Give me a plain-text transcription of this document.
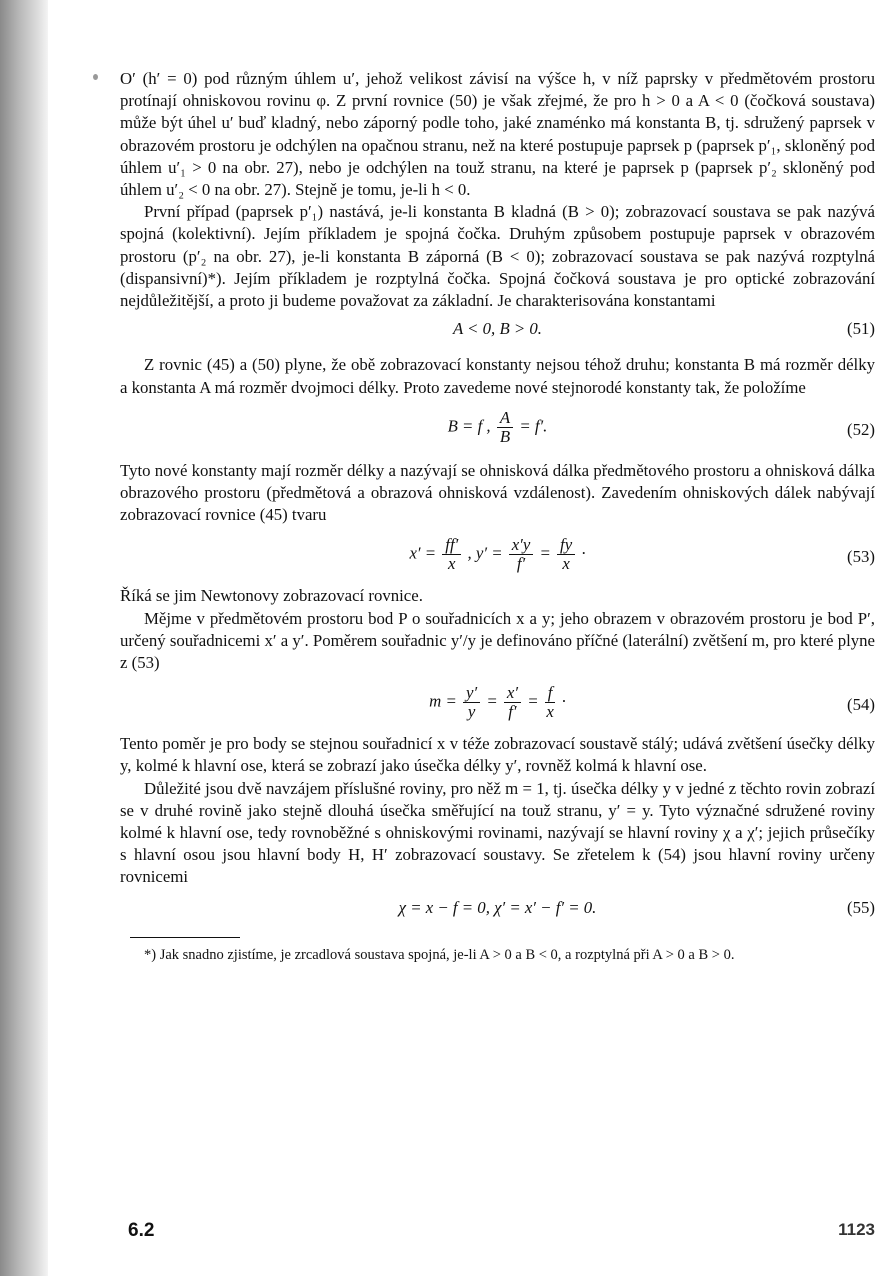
O′ (h′ = 0) pod různým úhlem u′, jehož velikost závisí na výšce h, v níž paprsky v předmětovém prostoru protínají ohniskovou rovinu φ. Z první rovnice (50) je však zřejmé, že pro h > 0 a A < 0 (čočková soustava) může být úhel u′ buď kladný, nebo záporný podle toho, jaké znaménko má konstanta B, tj. sdružený paprsek v obrazovém prostoru je odchýlen na opačnou stranu, než na které postupuje paprsek p (paprsek p′₁, skloněný pod úhlem u′₁ > 0 na obr. 27), nebo je odchýlen na touž stranu, na které je paprsek p (paprsek p′₂ skloněný pod úhlem u′₂ < 0 na obr. 27). Stejně je tomu, je-li h < 0.

První případ (paprsek p′₁) nastává, je-li konstanta B kladná (B > 0); zobrazovací soustava se pak nazývá spojná (kolektivní). Jejím příkladem je spojná čočka. Druhým způsobem postupuje paprsek v obrazovém prostoru (p′₂ na obr. 27), je-li konstanta B záporná (B < 0); zobrazovací soustava se pak nazývá rozptylná (dispansivní)*). Jejím příkladem je rozptylná čočka. Spojná čočková soustava je pro optické zobrazování nejdůležitější, a proto ji budeme považovat za základní. Je charakterisována konstantami

A < 0, B > 0.	(51)

Z rovnic (45) a (50) plyne, že obě zobrazovací konstanty nejsou téhož druhu; konstanta B má rozměr délky a konstanta A má rozměr dvojmoci délky. Proto zavedeme nové stejnorodé konstanty tak, že položíme

B = f , $\frac{A}{B} = f'$.	(52)

Tyto nové konstanty mají rozměr délky a nazývají se ohnisková dálka předmětového prostoru a ohnisková dálka obrazového prostoru (předmětová a obrazová ohnisková vzdálenost). Zavedením ohniskových dálek nabývají zobrazovací rovnice (45) tvaru

$x' = \frac{ff'}{x}$ , $y' = \frac{x'y}{f'} = \frac{fy}{x}$ ·	(53)

Říká se jim Newtonovy zobrazovací rovnice.

Mějme v předmětovém prostoru bod P o souřadnicích x a y; jeho obrazem v obrazovém prostoru je bod P′, určený souřadnicemi x′ a y′. Poměrem souřadnic y′/y je definováno příčné (laterální) zvětšení m, pro které plyne z (53)

$m = \frac{y'}{y} = \frac{x'}{f'} = \frac{f}{x}$ ·	(54)

Tento poměr je pro body se stejnou souřadnicí x v téže zobrazovací soustavě stálý; udává zvětšení úsečky délky y, kolmé k hlavní ose, která se zobrazí jako úsečka délky y′, rovněž kolmá k hlavní ose.

Důležité jsou dvě navzájem příslušné roviny, pro něž m = 1, tj. úsečka délky y v jedné z těchto rovin zobrazí se v druhé rovině jako stejně dlouhá úsečka směřující na touž stranu, y′ = y. Tyto význačné sdružené roviny kolmé k hlavní ose, tedy rovnoběžné s ohniskovými rovinami, nazývají se hlavní roviny χ a χ′; jejich průsečíky s hlavní osou jsou hlavní body H, H′ zobrazovací soustavy. Se zřetelem k (54) jsou hlavní roviny určeny rovnicemi

χ = x − f = 0, χ′ = x′ − f′ = 0.	(55)

*) Jak snadno zjistíme, je zrcadlová soustava spojná, je-li A > 0 a B < 0, a rozptylná při A > 0 a B > 0.

6.2	1123
